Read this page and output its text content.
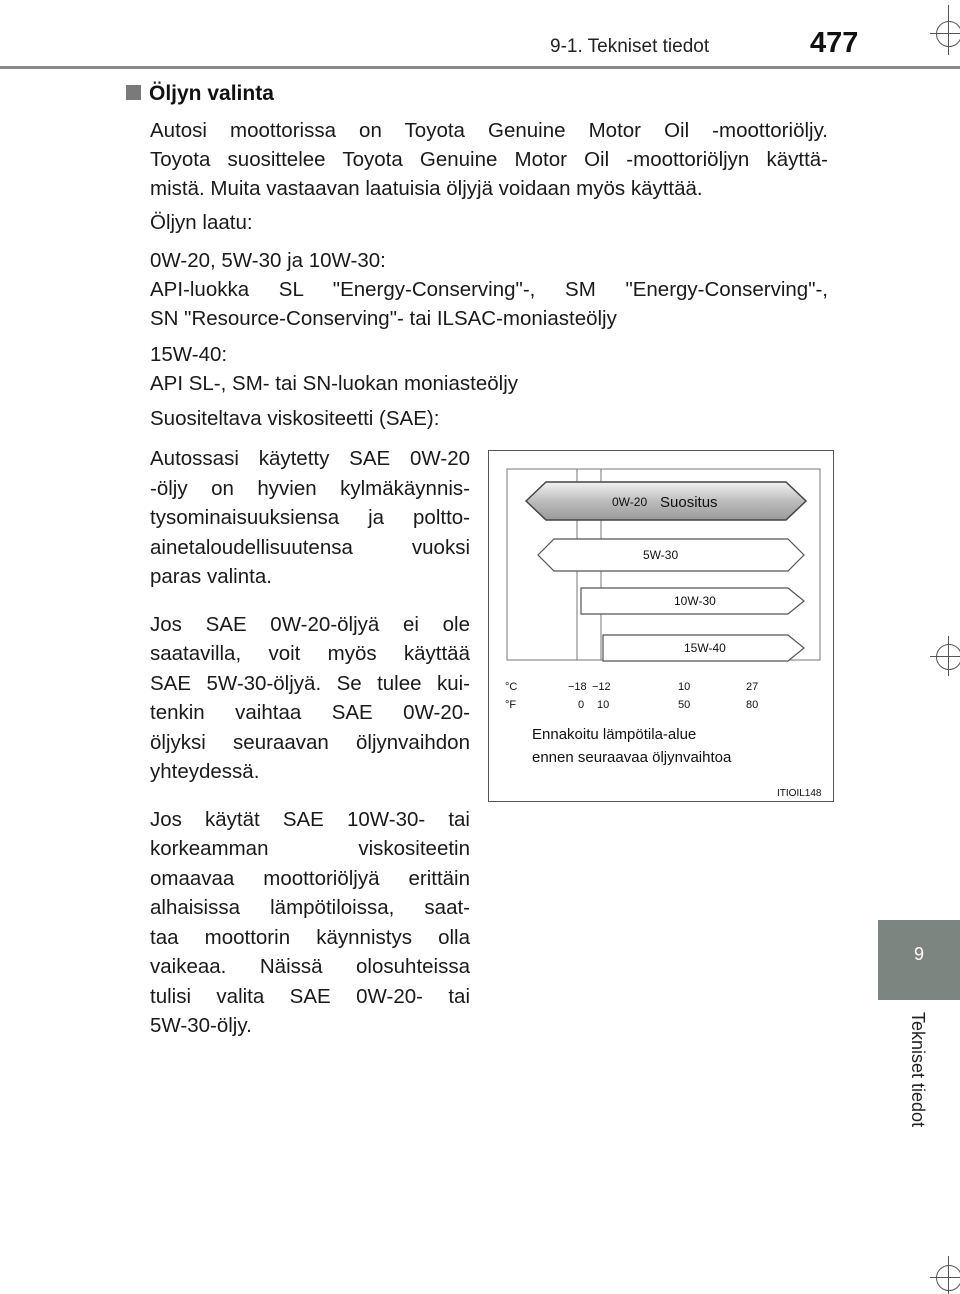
9-1. Tekniset tiedot	477
9
Tekniset tiedot
Öljyn valinta
Autosi moottorissa on Toyota Genuine Motor Oil -moottoriöljy.
Toyota suosittelee Toyota Genuine Motor Oil -moottoriöljyn käyttä-
mistä. Muita vastaavan laatuisia öljyjä voidaan myös käyttää.
Öljyn laatu:
0W-20, 5W-30 ja 10W-30:
API-luokka SL "Energy-Conserving"-, SM "Energy-Conserving"-,
SN "Resource-Conserving"- tai ILSAC-moniasteöljy
15W-40:
API SL-, SM- tai SN-luokan moniasteöljy
Suositeltava viskositeetti (SAE):

Autossasi käytetty SAE 0W-20
-öljy on hyvien kylmäkäynnis-
tysominaisuuksiensa ja poltto-
ainetaloudellisuutensa vuoksi
paras valinta.

Jos SAE 0W-20-öljyä ei ole
saatavilla, voit myös käyttää
SAE 5W-30-öljyä. Se tulee kui-
tenkin vaihtaa SAE 0W-20-
öljyksi seuraavan öljynvaihdon
yhteydessä.

Jos käytät SAE 10W-30- tai
korkeamman viskositeetin
omaavaa moottoriöljyä erittäin
alhaisissa lämpötiloissa, saat-
taa moottorin käynnistys olla
vaikeaa. Näissä olosuhteissa
tulisi valita SAE 0W-20- tai
5W-30-öljy.

0W-20 Suositus
5W-30
10W-30
15W-40
°C
°F
−18 −12	10	27
0 10	50	80
Ennakoitu lämpötila-alue
ennen seuraavaa öljynvaihtoa
ITIOIL148
